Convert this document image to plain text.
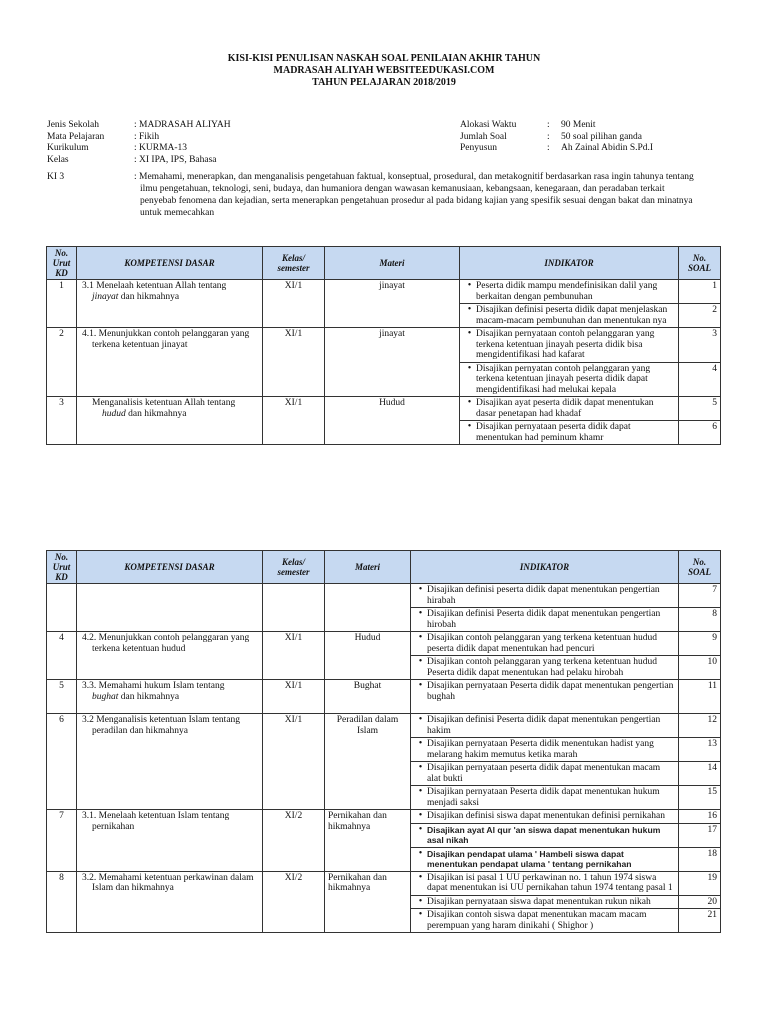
KISI-KISI PENULISAN NASKAH SOAL PENILAIAN AKHIR TAHUN
MADRASAH ALIYAH WEBSITEEDUKASI.COM
TAHUN PELAJARAN 2018/2019
Jenis Sekolah	: MADRASAH ALIYAH
Mata Pelajaran	: Fikih
Kurikulum	: KURMA-13
Kelas	: XI IPA, IPS, Bahasa
Alokasi Waktu	:	90 Menit
Jumlah Soal	:	50 soal pilihan ganda
Penyusun	:	Ah Zainal Abidin S.Pd.I
KI 3	: Memahami, menerapkan, dan menganalisis pengetahuan faktual, konseptual, prosedural, dan metakognitif berdasarkan rasa ingin tahunya tentang
ilmu pengetahuan, teknologi, seni, budaya, dan humaniora dengan wawasan kemanusiaan, kebangsaan, kenegaraan, dan peradaban terkait
penyebab fenomena dan kejadian, serta menerapkan pengetahuan prosedur al pada bidang kajian yang spesifik sesuai dengan bakat dan minatnya
untuk memecahkan
No. Urut KD	KOMPETENSI DASAR	Kelas/ semester	Materi	INDIKATOR	No. SOAL
1	3.1 Menelaah ketentuan Allah tentang
jinayat dan hikmahnya	XI/1	jinayat	• Peserta didik mampu mendefinisikan dalil yang berkaitan dengan pembunuhan	1

				• Disajikan definisi peserta didik dapat menjelaskan macam-macam pembunuhan dan menentukan nya	2
2	4.1. Menunjukkan contoh pelanggaran yang terkena ketentuan jinayat	XI/1	jinayat	• Disajikan pernyataan contoh pelanggaran yang terkena ketentuan jinayah peserta didik bisa mengidentifikasi had kafarat	3

				• Disajikan pernyatan contoh pelanggaran yang terkena ketentuan jinayah peserta didik dapat mengidentifikasi had melukai kepala	4
3	Menganalisis ketentuan Allah tentang
hudud dan hikmahnya	XI/1	Hudud	• Disajikan ayat peserta didik dapat menentukan dasar penetapan had khadaf	5

				• Disajikan pernyataan peserta didik dapat menentukan had peminum khamr	6
No. Urut KD	KOMPETENSI DASAR	Kelas/ semester	Materi	INDIKATOR	No. SOAL

				• Disajikan definisi peserta didik dapat menentukan pengertian hirabah	7

				• Disajikan definisi Peserta didik dapat menentukan pengertian hirobah	8
4	4.2. Menunjukkan contoh pelanggaran yang terkena ketentuan hudud	XI/1	Hudud	• Disajikan contoh pelanggaran yang terkena ketentuan hudud peserta didik dapat menentukan had pencuri	9

				• Disajikan contoh pelanggaran yang terkena ketentuan hudud Peserta didik dapat menentukan had pelaku hirobah	10
5	3.3. Memahami hukum Islam tentang
bughat dan hikmahnya	XI/1	Bughat	• Disajikan pernyataan Peserta didik dapat menentukan pengertian bughah	11
6	3.2 Menganalisis ketentuan Islam tentang peradilan dan hikmahnya	XI/1	Peradilan dalam Islam	• Disajikan definisi Peserta didik dapat menentukan pengertian hakim	12

				• Disajikan pernyataan Peserta didik menentukan hadist yang melarang hakim memutus ketika marah	13

				• Disajikan pernyataan peserta didik dapat menentukan macam alat bukti	14

				• Disajikan pernyataan Peserta didik dapat menentukan hukum menjadi saksi	15
7	3.1. Menelaah ketentuan Islam tentang pernikahan	XI/2	Pernikahan dan hikmahnya	• Disajikan definisi siswa dapat menentukan definisi pernikahan	16

				• Disajikan ayat Al qur 'an siswa dapat menentukan hukum asal nikah	17

				• Disajikan pendapat ulama ' Hambeli siswa dapat menentukan pendapat ulama ' tentang pernikahan	18
8	3.2. Memahami ketentuan perkawinan dalam Islam dan hikmahnya	XI/2	Pernikahan dan hikmahnya	• Disajikan isi pasal 1 UU perkawinan no. 1 tahun 1974 siswa dapat menentukan isi UU pernikahan tahun 1974 tentang pasal 1	19

				• Disajikan pernyataan siswa dapat menentukan rukun nikah	20

				• Disajikan contoh siswa dapat menentukan macam macam perempuan yang haram dinikahi ( Shighor )	21
